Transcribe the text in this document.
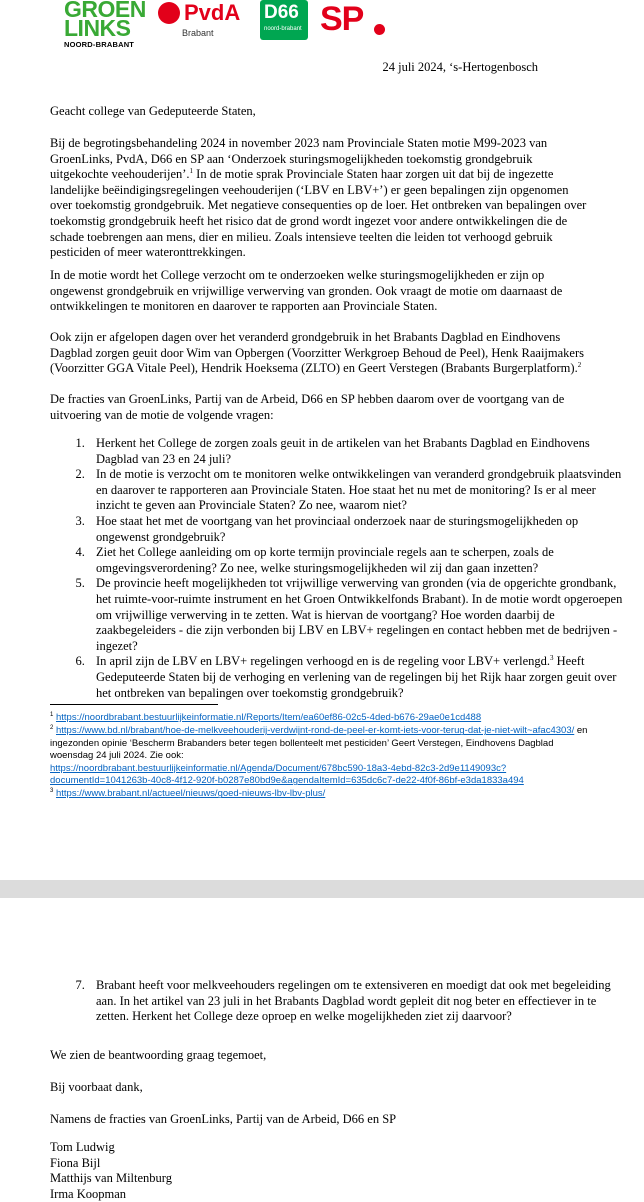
GROEN
LINKS
NOORD-BRABANT
PvdA
Brabant
D66
noord-brabant SP
24 juli 2024, ‘s-Hertogenbosch
Geacht college van Gedeputeerde Staten,
Bij de begrotingsbehandeling 2024 in november 2023 nam Provinciale Staten motie M99-2023 van GroenLinks, PvdA, D66 en SP aan ‘Onderzoek sturingsmogelijkheden toekomstig grondgebruik uitgekochte veehouderijen’.$^1$ In de motie sprak Provinciale Staten haar zorgen uit dat bij de ingezette landelijke beëindigingsregelingen veehouderijen (‘LBV en LBV+’) er geen bepalingen zijn opgenomen over toekomstig grondgebruik. Met negatieve consequenties op de loer. Het ontbreken van bepalingen over toekomstig grondgebruik heeft het risico dat de grond wordt ingezet voor andere ontwikkelingen die de schade toebrengen aan mens, dier en milieu. Zoals intensieve teelten die leiden tot verhoogd gebruik pesticiden of meer wateronttrekkingen.
In de motie wordt het College verzocht om te onderzoeken welke sturingsmogelijkheden er zijn op ongewenst grondgebruik en vrijwillige verwerving van gronden. Ook vraagt de motie om daarnaast de ontwikkelingen te monitoren en daarover te rapporten aan Provinciale Staten.
Ook zijn er afgelopen dagen over het veranderd grondgebruik in het Brabants Dagblad en Eindhovens Dagblad zorgen geuit door Wim van Opbergen (Voorzitter Werkgroep Behoud de Peel), Henk Raaijmakers (Voorzitter GGA Vitale Peel), Hendrik Hoeksema (ZLTO) en Geert Verstegen (Brabants Burgerplatform).$^2$
De fracties van GroenLinks, Partij van de Arbeid, D66 en SP hebben daarom over de voortgang van de uitvoering van de motie de volgende vragen:
1. Herkent het College de zorgen zoals geuit in de artikelen van het Brabants Dagblad en Eindhovens Dagblad van 23 en 24 juli?
2. In de motie is verzocht om te monitoren welke ontwikkelingen van veranderd grondgebruik plaatsvinden en daarover te rapporteren aan Provinciale Staten. Hoe staat het nu met de monitoring? Is er al meer inzicht te geven aan Provinciale Staten? Zo nee, waarom niet?
3. Hoe staat het met de voortgang van het provinciaal onderzoek naar de sturingsmogelijkheden op ongewenst grondgebruik?
4. Ziet het College aanleiding om op korte termijn provinciale regels aan te scherpen, zoals de omgevingsverordening? Zo nee, welke sturingsmogelijkheden wil zij dan gaan inzetten?
5. De provincie heeft mogelijkheden tot vrijwillige verwerving van gronden (via de opgerichte grondbank, het ruimte-voor-ruimte instrument en het Groen Ontwikkelfonds Brabant). In de motie wordt opgeroepen om vrijwillige verwerving in te zetten. Wat is hiervan de voortgang? Hoe worden daarbij de zaakbegeleiders - die zijn verbonden bij LBV en LBV+ regelingen en contact hebben met de bedrijven - ingezet?
6. In april zijn de LBV en LBV+ regelingen verhoogd en is de regeling voor LBV+ verlengd.$^3$ Heeft Gedeputeerde Staten bij de verhoging en verlening van de regelingen bij het Rijk haar zorgen geuit over het ontbreken van bepalingen over toekomstig grondgebruik?

$^1$ https://noordbrabant.bestuurlijkeinformatie.nl/Reports/Item/ea60ef86-02c5-4ded-b676-29ae0e1cd488

$^2$ https://www.bd.nl/brabant/hoe-de-melkveehouderij-verdwijnt-rond-de-peel-er-komt-iets-voor-terug-dat-je-niet-wilt~afac4303/ en ingezonden opinie ‘Bescherm Brabanders beter tegen bollenteelt met pesticiden’ Geert Verstegen, Eindhovens Dagblad woensdag 24 juli 2024. Zie ook:
https://noordbrabant.bestuurlijkeinformatie.nl/Agenda/Document/678bc590-18a3-4ebd-82c3-2d9e1149093c?documentId=1041263b-40c8-4f12-920f-b0287e80bd9e&agendaItemId=635dc6c7-de22-4f0f-86bf-e3da1833a494

$^3$ https://www.brabant.nl/actueel/nieuws/goed-nieuws-lbv-lbv-plus/

7. Brabant heeft voor melkveehouders regelingen om te extensiveren en moedigt dat ook met begeleiding aan. In het artikel van 23 juli in het Brabants Dagblad wordt gepleit dit nog beter en effectiever in te zetten. Herkent het College deze oproep en welke mogelijkheden ziet zij daarvoor?
We zien de beantwoording graag tegemoet,
Bij voorbaat dank,
Namens de fracties van GroenLinks, Partij van de Arbeid, D66 en SP
Tom Ludwig
Fiona Bijl
Matthijs van Miltenburg
Irma Koopman
